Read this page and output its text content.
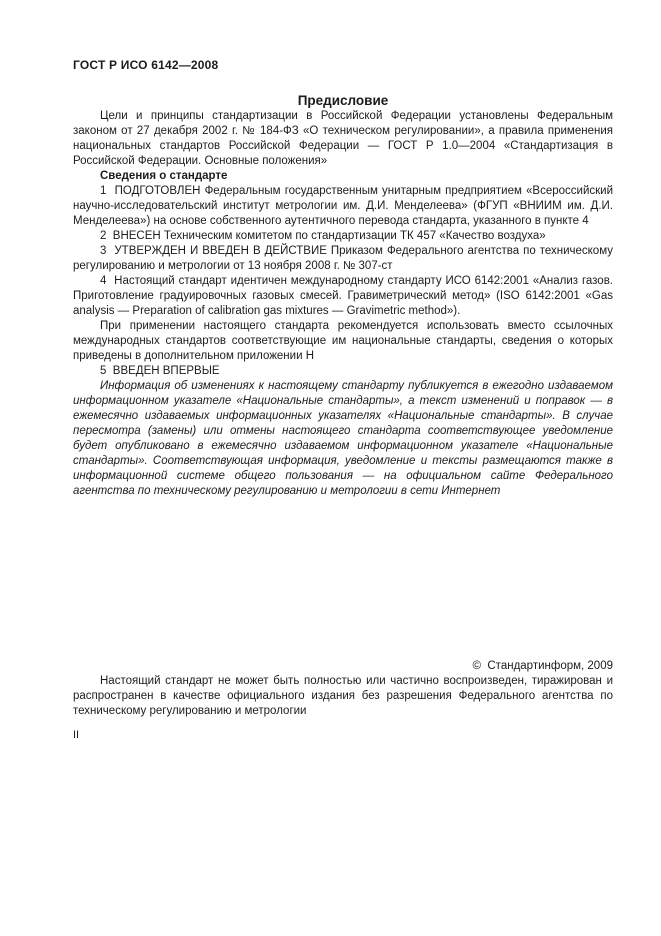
ГОСТ Р ИСО 6142—2008
Предисловие

Цели и принципы стандартизации в Российской Федерации установлены Федеральным законом от 27 декабря 2002 г. № 184-ФЗ «О техническом регулировании», а правила применения национальных стандартов Российской Федерации — ГОСТ Р 1.0—2004 «Стандартизация в Российской Федерации. Основные положения»

Сведения о стандарте

1  ПОДГОТОВЛЕН Федеральным государственным унитарным предприятием «Всероссийский научно-исследовательский институт метрологии им. Д.И. Менделеева» (ФГУП «ВНИИМ им. Д.И. Менделеева») на основе собственного аутентичного перевода стандарта, указанного в пункте 4

2  ВНЕСЕН Техническим комитетом по стандартизации ТК 457 «Качество воздуха»

3  УТВЕРЖДЕН И ВВЕДЕН В ДЕЙСТВИЕ Приказом Федерального агентства по техническому регулированию и метрологии от 13 ноября 2008 г. № 307-ст

4  Настоящий стандарт идентичен международному стандарту ИСО 6142:2001 «Анализ газов. Приготовление градуировочных газовых смесей. Гравиметрический метод» (ISO 6142:2001 «Gas analysis — Preparation of calibration gas mixtures — Gravimetric method»).

При применении настоящего стандарта рекомендуется использовать вместо ссылочных международных стандартов соответствующие им национальные стандарты, сведения о которых приведены в дополнительном приложении Н

5  ВВЕДЕН ВПЕРВЫЕ

Информация об изменениях к настоящему стандарту публикуется в ежегодно издаваемом информационном указателе «Национальные стандарты», а текст изменений и поправок — в ежемесячно издаваемых информационных указателях «Национальные стандарты». В случае пересмотра (замены) или отмены настоящего стандарта соответствующее уведомление будет опубликовано в ежемесячно издаваемом информационном указателе «Национальные стандарты». Соответствующая информация, уведомление и тексты размещаются также в информационной системе общего пользования — на официальном сайте Федерального агентства по техническому регулированию и метрологии в сети Интернет

©  Стандартинформ, 2009

Настоящий стандарт не может быть полностью или частично воспроизведен, тиражирован и распространен в качестве официального издания без разрешения Федерального агентства по техническому регулированию и метрологии

II
